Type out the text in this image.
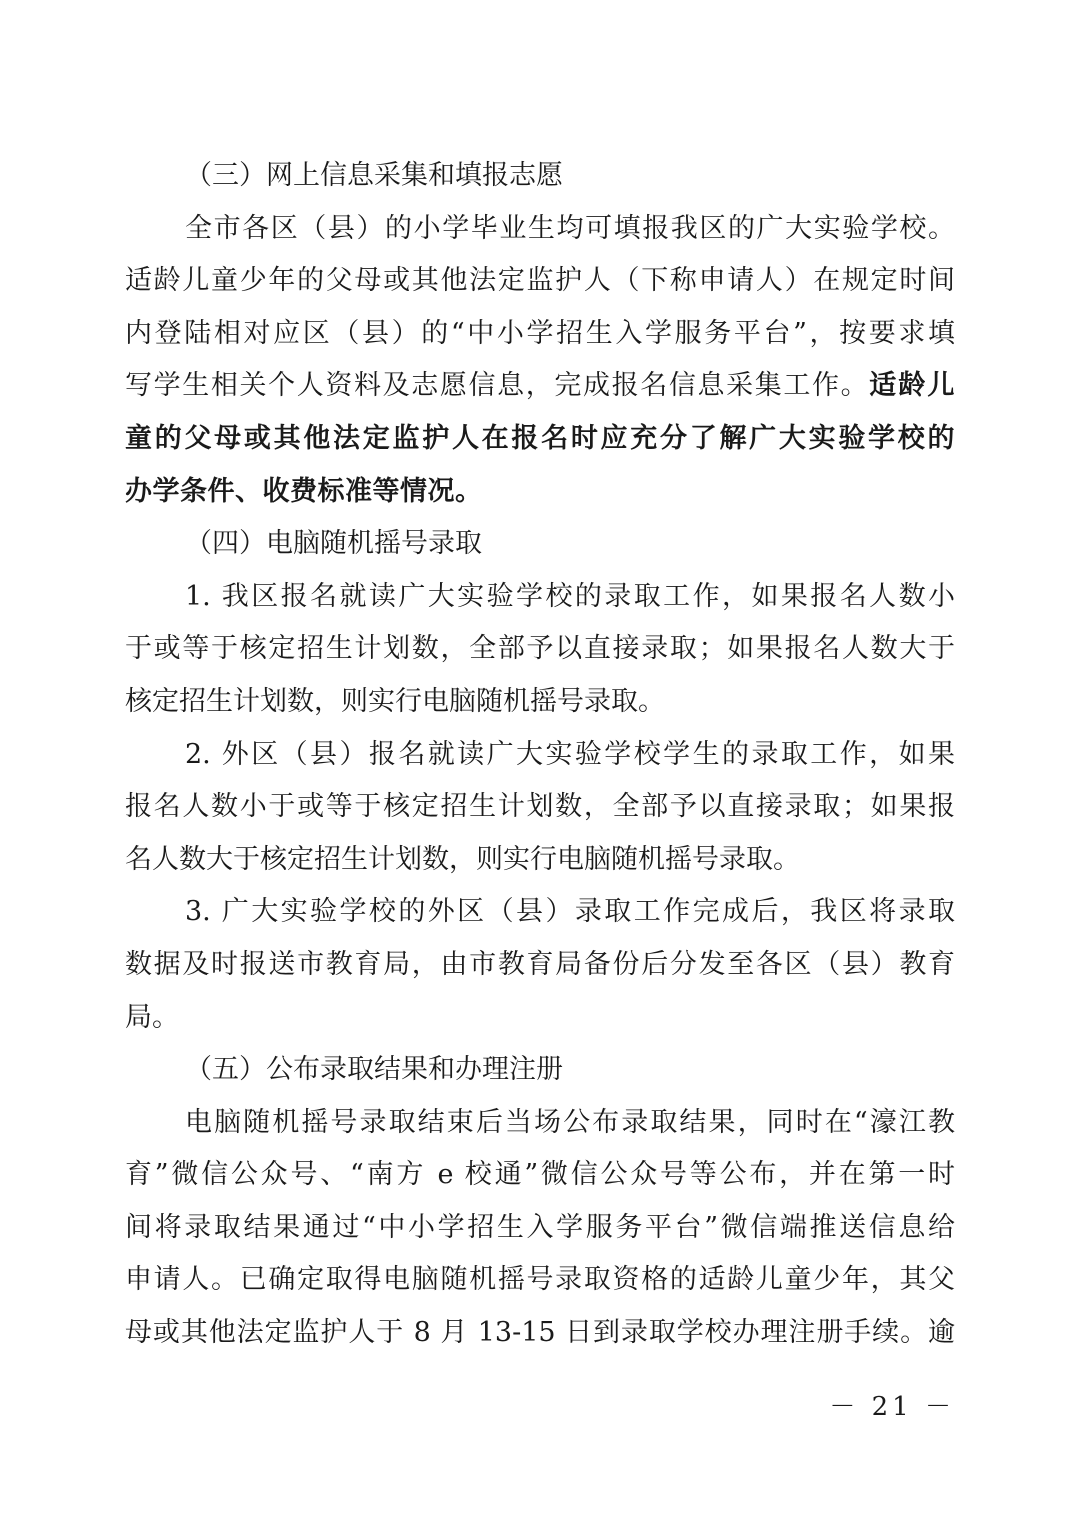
（三）网上信息采集和填报志愿
全市各区（县）的小学毕业生均可填报我区的广大实验学校。
适龄儿童少年的父母或其他法定监护人（下称申请人）在规定时间
内登陆相对应区（县）的“中小学招生入学服务平台”，按要求填
写学生相关个人资料及志愿信息，完成报名信息采集工作。适龄儿
童的父母或其他法定监护人在报名时应充分了解广大实验学校的
办学条件、收费标准等情况。
（四）电脑随机摇号录取
1. 我区报名就读广大实验学校的录取工作，如果报名人数小
于或等于核定招生计划数，全部予以直接录取；如果报名人数大于
核定招生计划数，则实行电脑随机摇号录取。
2. 外区（县）报名就读广大实验学校学生的录取工作，如果
报名人数小于或等于核定招生计划数，全部予以直接录取；如果报
名人数大于核定招生计划数，则实行电脑随机摇号录取。
3. 广大实验学校的外区（县）录取工作完成后，我区将录取
数据及时报送市教育局，由市教育局备份后分发至各区（县）教育
局。
（五）公布录取结果和办理注册
电脑随机摇号录取结束后当场公布录取结果，同时在“濠江教
育”微信公众号、“南方 e 校通”微信公众号等公布，并在第一时
间将录取结果通过“中小学招生入学服务平台”微信端推送信息给
申请人。已确定取得电脑随机摇号录取资格的适龄儿童少年，其父
母或其他法定监护人于 8 月 13-15 日到录取学校办理注册手续。逾
－ 21 －
